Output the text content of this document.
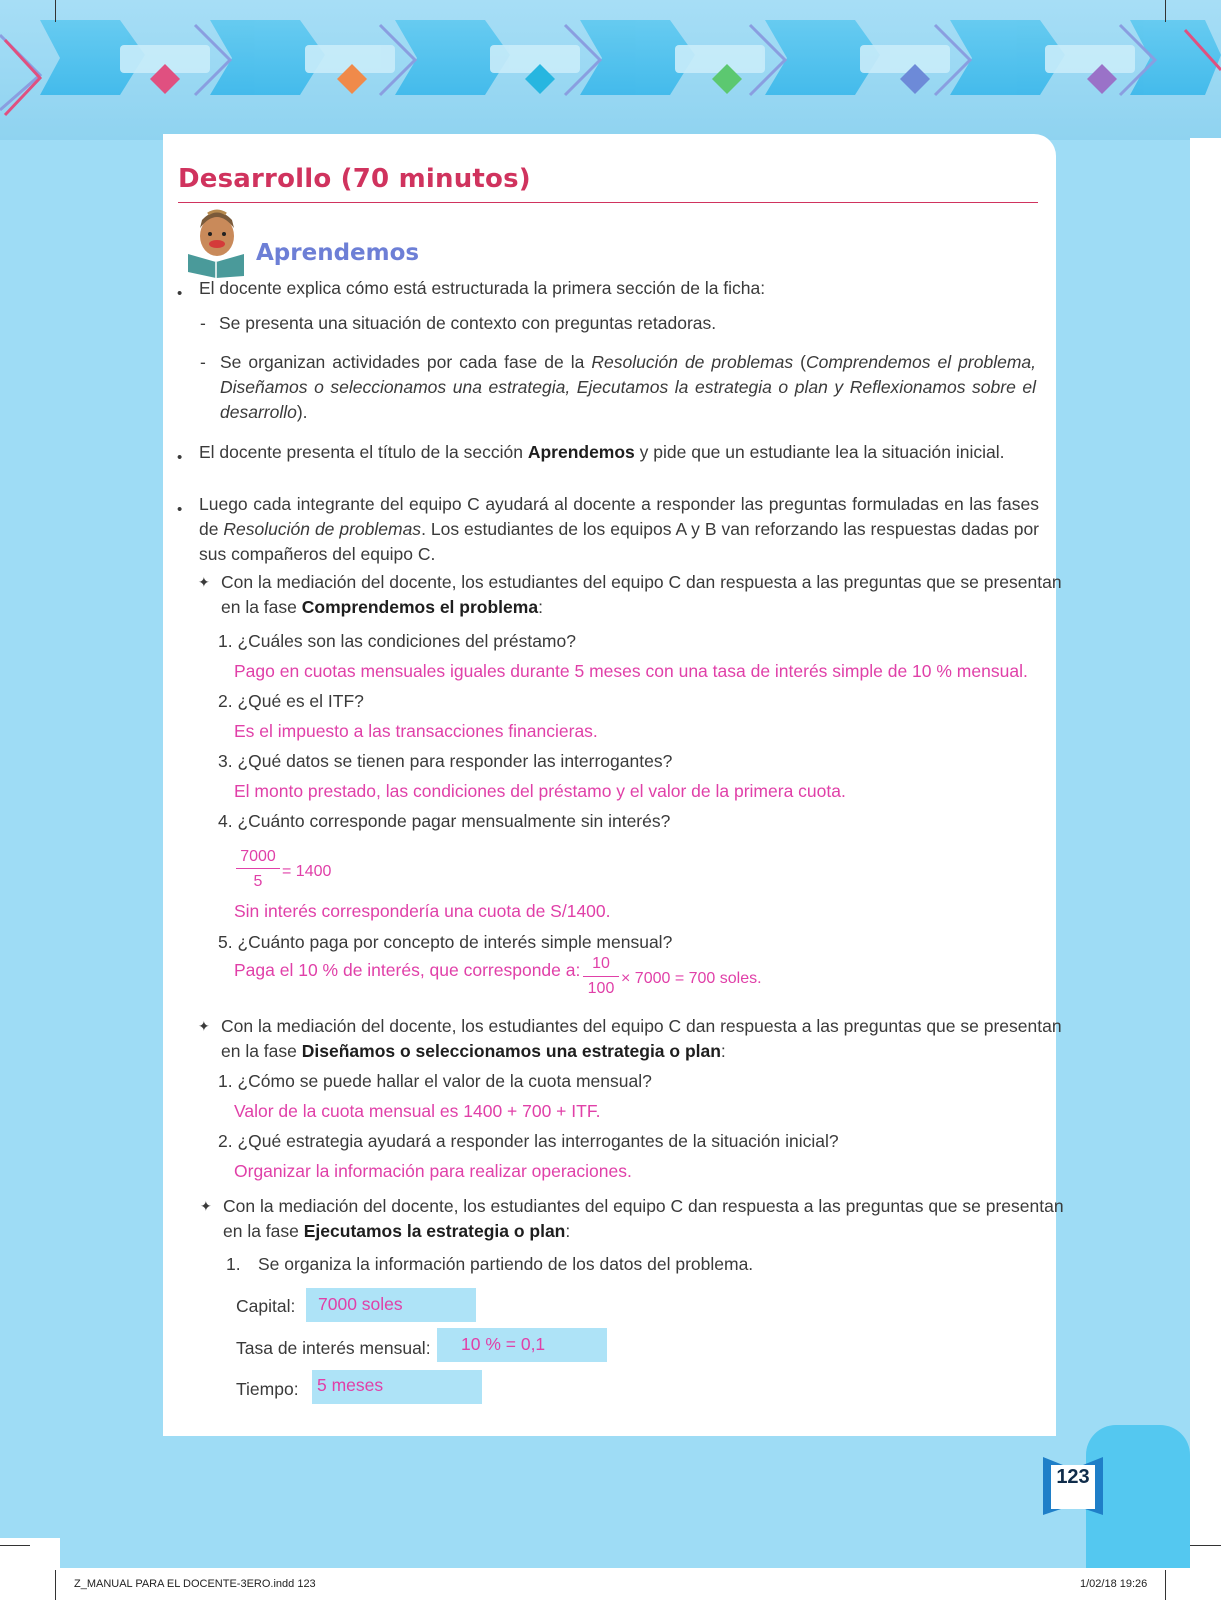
Desarrollo (70 minutos)
Aprendemos
• El docente explica cómo está estructurada la primera sección de la ficha:
- Se presenta una situación de contexto con preguntas retadoras.
- Se organizan actividades por cada fase de la Resolución de problemas (Comprendemos el problema, Diseñamos o seleccionamos una estrategia, Ejecutamos la estrategia o plan y Reflexionamos sobre el desarrollo).
• El docente presenta el título de la sección Aprendemos y pide que un estudiante lea la situación inicial.
• Luego cada integrante del equipo C ayudará al docente a responder las preguntas formuladas en las fases de Resolución de problemas. Los estudiantes de los equipos A y B van reforzando las respuestas dadas por sus compañeros del equipo C.
✦ Con la mediación del docente, los estudiantes del equipo C dan respuesta a las preguntas que se presentan
en la fase Comprendemos el problema:
1. ¿Cuáles son las condiciones del préstamo?
Pago en cuotas mensuales iguales durante 5 meses con una tasa de interés simple de 10 % mensual.
2. ¿Qué es el ITF?
Es el impuesto a las transacciones financieras.
3. ¿Qué datos se tienen para responder las interrogantes?
El monto prestado, las condiciones del préstamo y el valor de la primera cuota.
4. ¿Cuánto corresponde pagar mensualmente sin interés?
7000
5
= 1400
Sin interés correspondería una cuota de S/1400.
5. ¿Cuánto paga por concepto de interés simple mensual?
Paga el 10 % de interés, que corresponde a: 10
100
× 7000 = 700 soles.
✦ Con la mediación del docente, los estudiantes del equipo C dan respuesta a las preguntas que se presentan
en la fase Diseñamos o seleccionamos una estrategia o plan:
1. ¿Cómo se puede hallar el valor de la cuota mensual?
Valor de la cuota mensual es 1400 + 700 + ITF.
2. ¿Qué estrategia ayudará a responder las interrogantes de la situación inicial?
Organizar la información para realizar operaciones.
✦ Con la mediación del docente, los estudiantes del equipo C dan respuesta a las preguntas que se presentan
en la fase Ejecutamos la estrategia o plan:
1. Se organiza la información partiendo de los datos del problema.
Capital: 7000 soles
Tasa de interés mensual: 10 % = 0,1
Tiempo: 5 meses
123
Z_MANUAL PARA EL DOCENTE-3ERO.indd 123	1/02/18 19:26
